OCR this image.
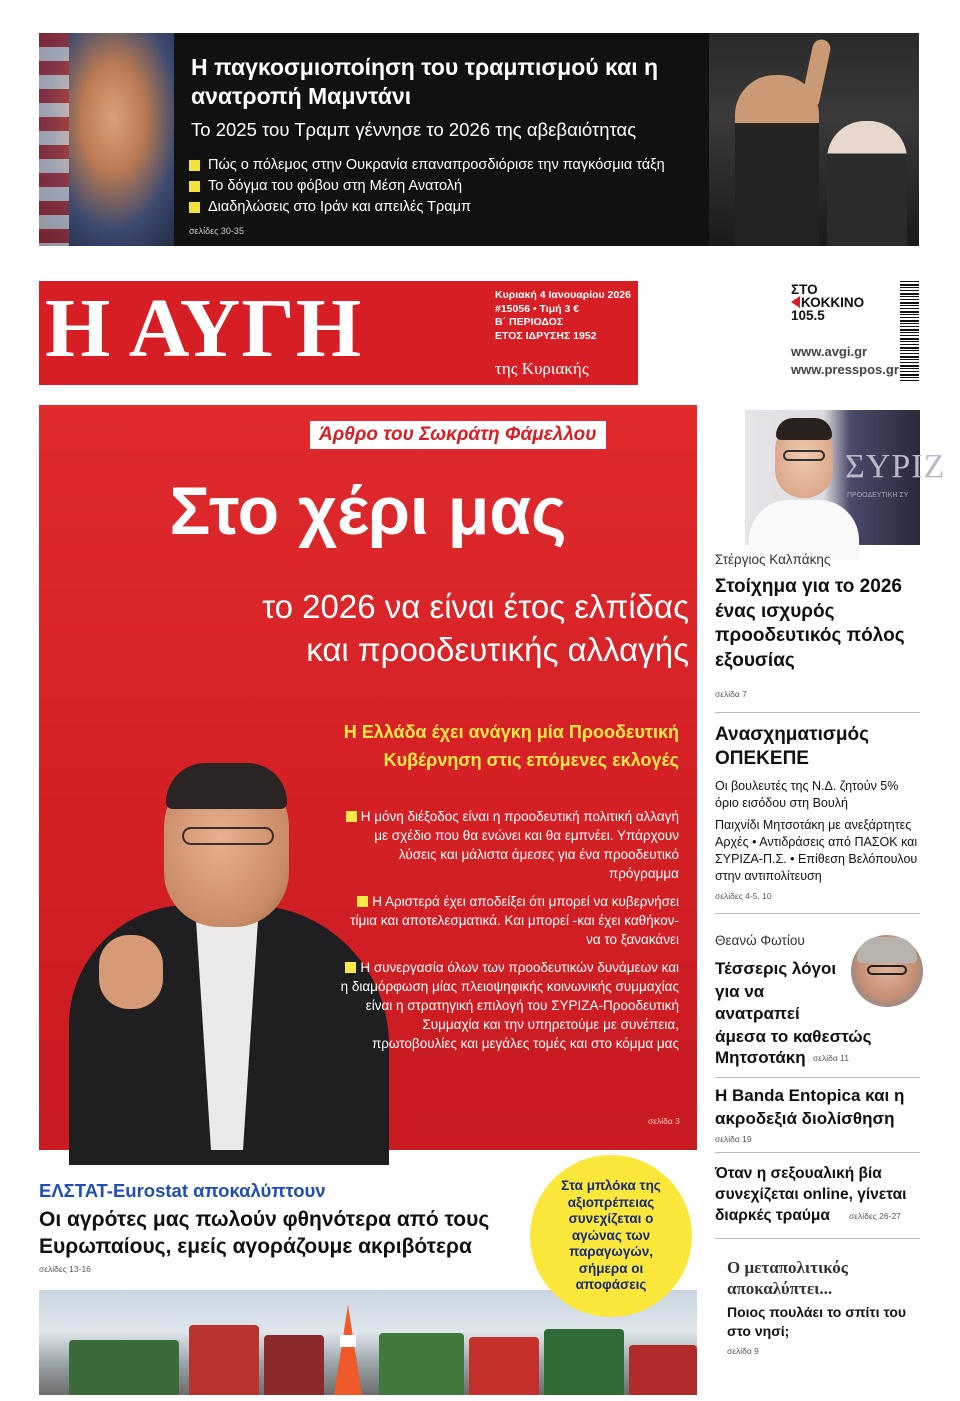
Η παγκοσμιοποίηση του τραμπισμού και η ανατροπή Μαμντάνι
Το 2025 του Τραμπ γέννησε το 2026 της αβεβαιότητας
Πώς ο πόλεμος στην Ουκρανία επαναπροσδιόρισε την παγκόσμια τάξη
Το δόγμα του φόβου στη Μέση Ανατολή
Διαδηλώσεις στο Ιράν και απειλές Τραμπ
σελίδες 30-35
Η ΑΥΓΗ	Κυριακή 4 Ιανουαρίου 2026
#15056 • Τιμή 3 €
Β΄ ΠΕΡΙΟΔΟΣ
ΕΤΟΣ ΙΔΡΥΣΗΣ 1952
της Κυριακής
ΣΤΟ
ΚΟΚΚΙΝΟ
105.5
www.avgi.gr
www.presspos.gr
Άρθρο του Σωκράτη Φάμελλου
Στο χέρι μας
το 2026 να είναι έτος ελπίδας
και προοδευτικής αλλαγής
Η Ελλάδα έχει ανάγκη μία Προοδευτική
Κυβέρνηση στις επόμενες εκλογές
Η μόνη διέξοδος είναι η προοδευτική πολιτική αλλαγή με σχέδιο που θα ενώνει και θα εμπνέει. Υπάρχουν λύσεις και μάλιστα άμεσες για ένα προοδευτικό πρόγραμμα
Η Αριστερά έχει αποδείξει ότι μπορεί να κυβερνήσει τίμια και αποτελεσματικά. Και μπορεί -και έχει καθήκον- να το ξανακάνει
Η συνεργασία όλων των προοδευτικών δυνάμεων και η διαμόρφωση μίας πλειοψηφικής κοινωνικής συμμαχίας είναι η στρατηγική επιλογή του ΣΥΡΙΖΑ-Προοδευτική Συμμαχία και την υπηρετούμε με συνέπεια, πρωτοβουλίες και μεγάλες τομές και στο κόμμα μας
σελίδα 3
ΣΥΡΙΖ
ΠΡΟΟΔΕΥΤΙΚΗ ΣΥ
Στέργιος Καλπάκης
Στοίχημα για το 2026 ένας ισχυρός προοδευτικός πόλος εξουσίας
σελίδα 7
Ανασχηματισμός ΟΠΕΚΕΠΕ

Οι βουλευτές της Ν.Δ. ζητούν 5% όριο εισόδου στη Βουλή

Παιχνίδι Μητσοτάκη με ανεξάρτητες Αρχές • Αντιδράσεις από ΠΑΣΟΚ και ΣΥΡΙΖΑ-Π.Σ. • Επίθεση Βελόπουλου στην αντιπολίτευση

σελίδες 4-5, 10
Θεανώ Φωτίου
Τέσσερις λόγοι
για να
ανατραπεί
άμεσα το καθεστώς
Μητσοτάκη σελίδα 11
Η Banda Entopica και η ακροδεξιά διολίσθηση
σελίδα 19
Όταν η σεξουαλική βία συνεχίζεται online, γίνεται διαρκές τραύμα	σελίδες 26-27
Ο μεταπολιτικός αποκαλύπτει...

Ποιος πουλάει το σπίτι του στο νησί;

σελίδα 9
ΕΛΣΤΑΤ-Eurostat αποκαλύπτουν
Οι αγρότες μας πωλούν φθηνότερα από τους Ευρωπαίους, εμείς αγοράζουμε ακριβότερα
σελίδες 13-16
Στα μπλόκα της αξιοπρέπειας συνεχίζεται ο αγώνας των παραγωγών, σήμερα οι αποφάσεις
